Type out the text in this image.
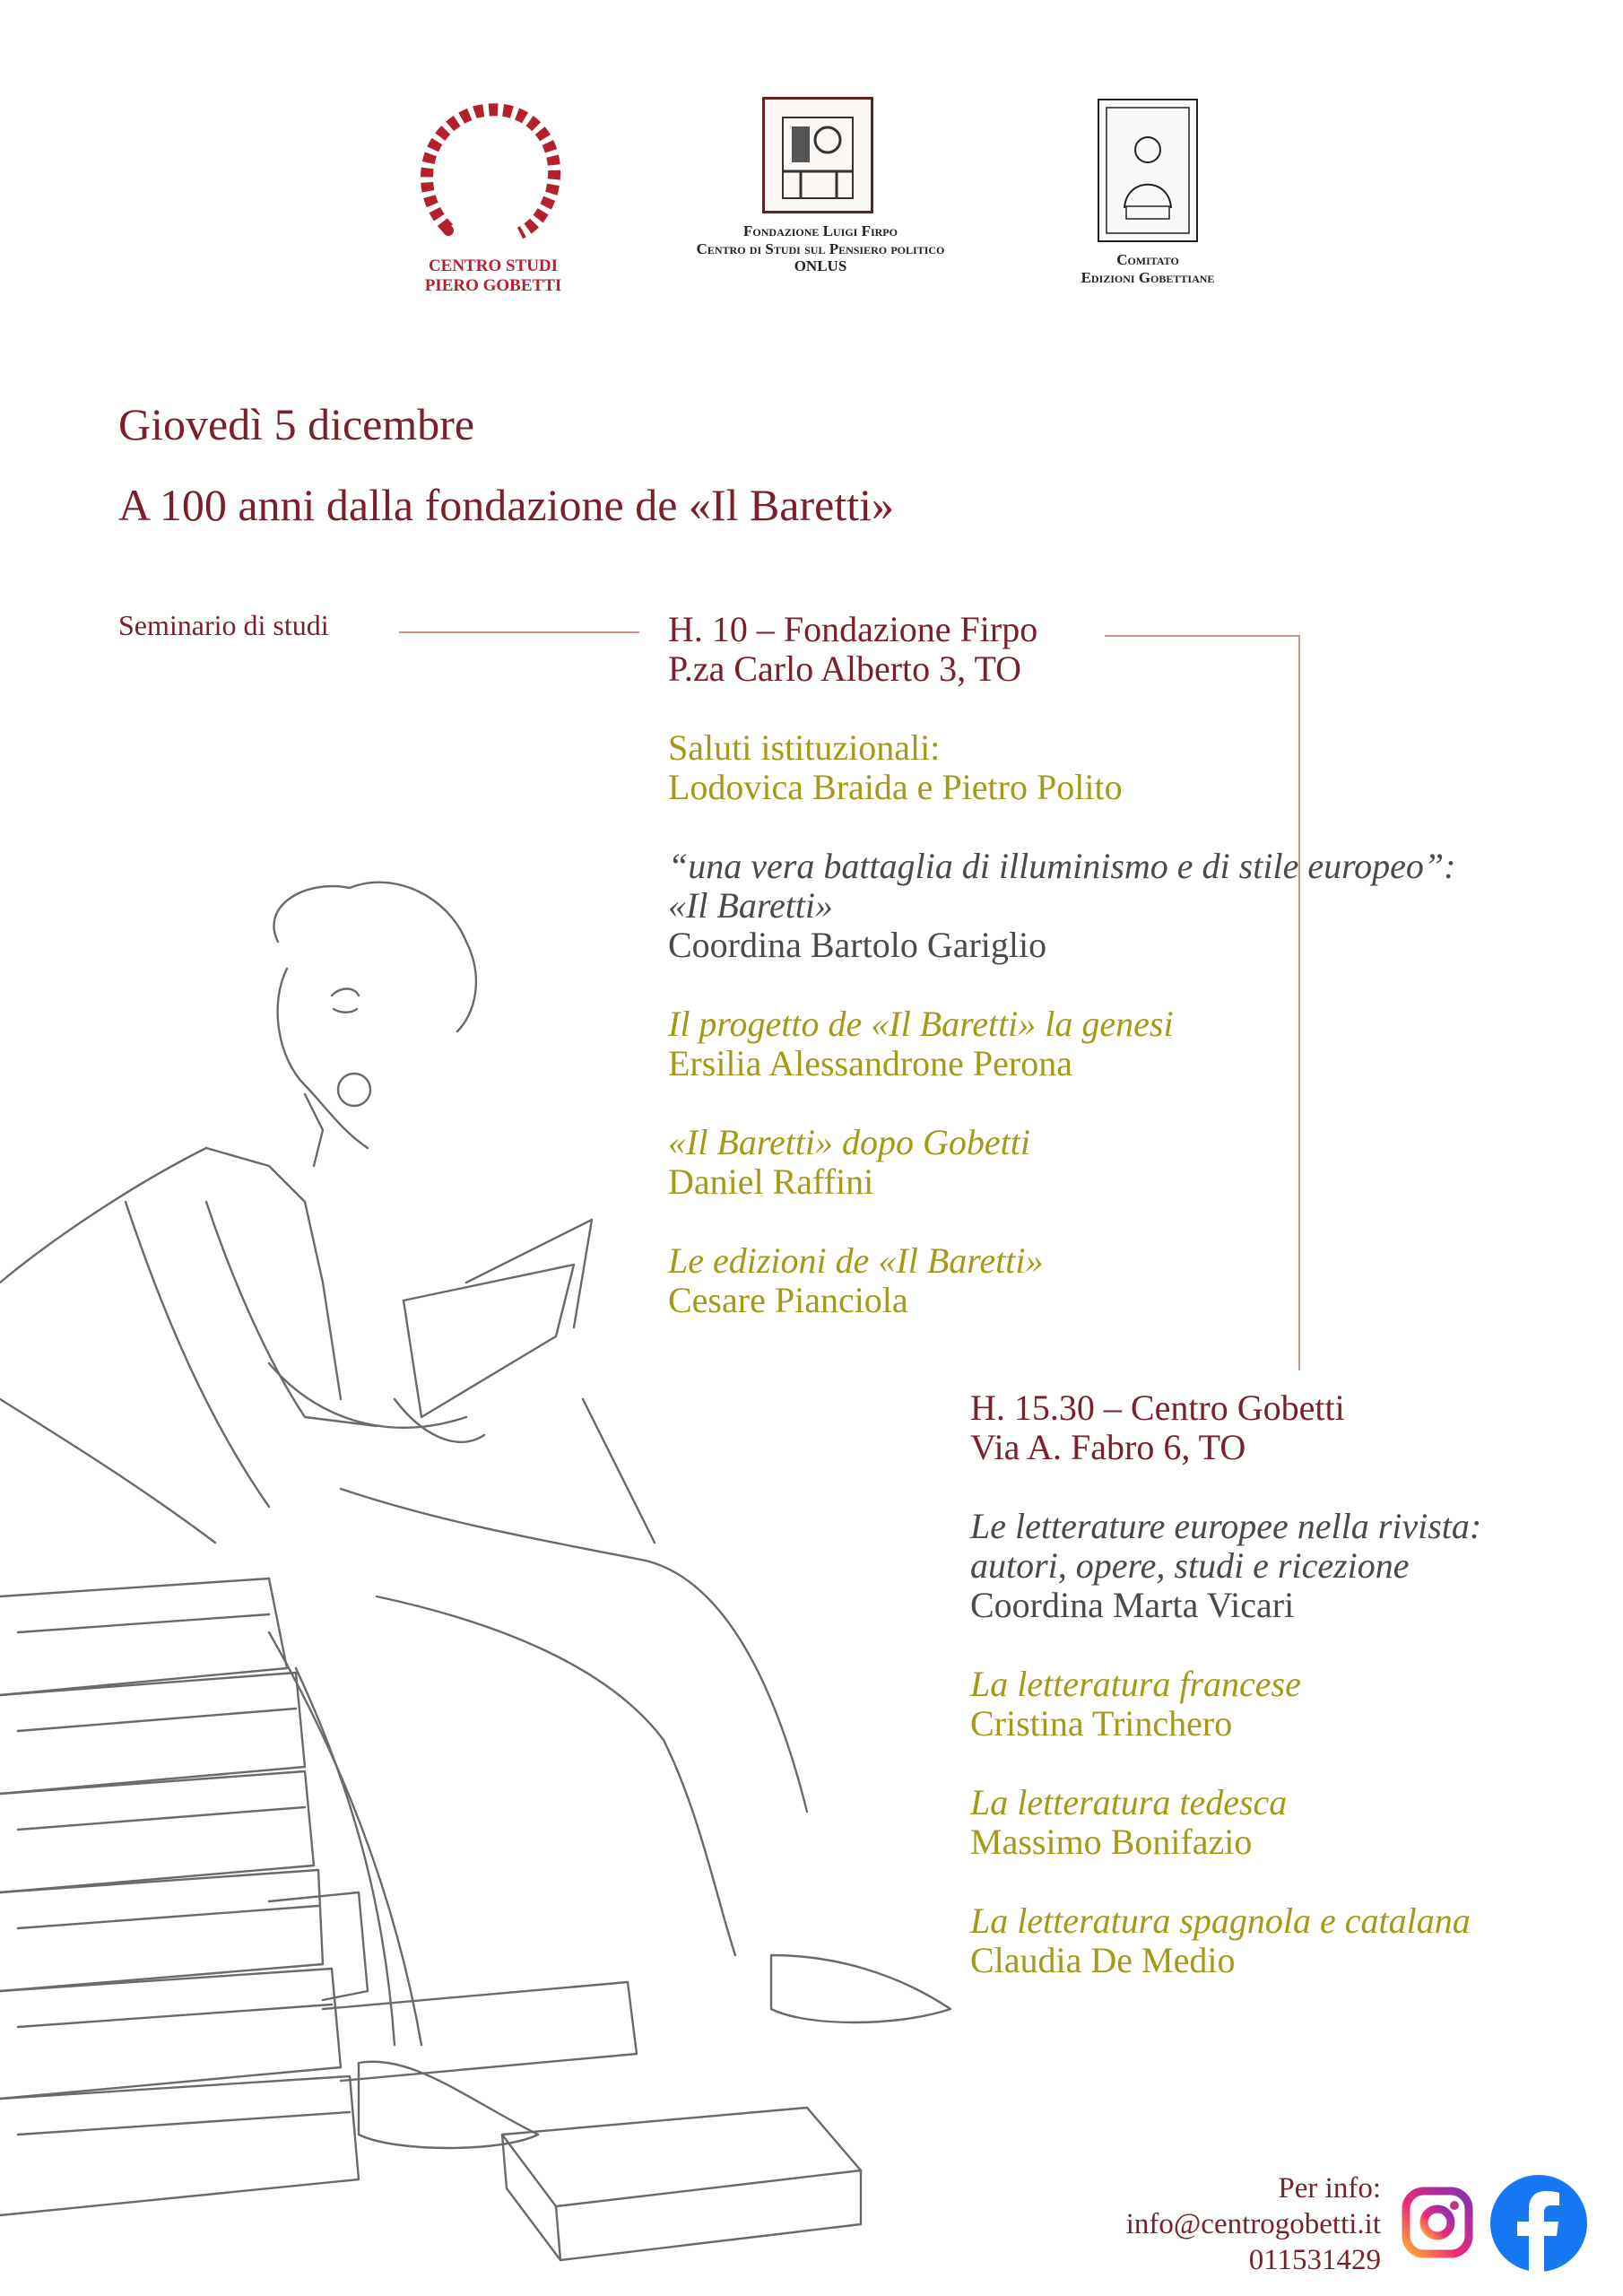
CENTRO STUDI
PIERO GOBETTI
Fondazione Luigi Firpo
Centro di Studi sul Pensiero politico
ONLUS	Comitato
Edizioni Gobettiane
Giovedì 5 dicembre
A 100 anni dalla fondazione de «Il Baretti»
Seminario di studi	H. 10 – Fondazione Firpo
P.za Carlo Alberto 3, TO
Saluti istituzionali:
Lodovica Braida e Pietro Polito
“una vera battaglia di illuminismo e di stile europeo”:
«Il Baretti»
Coordina Bartolo Gariglio
Il progetto de «Il Baretti» la genesi
Ersilia Alessandrone Perona
«Il Baretti» dopo Gobetti
Daniel Raffini
Le edizioni de «Il Baretti»
Cesare Pianciola
H. 15.30 – Centro Gobetti
Via A. Fabro 6, TO
Le letterature europee nella rivista:
autori, opere, studi e ricezione
Coordina Marta Vicari
La letteratura francese
Cristina Trinchero
La letteratura tedesca
Massimo Bonifazio
La letteratura spagnola e catalana
Claudia De Medio
Per info:
info@centrogobetti.it
011531429
